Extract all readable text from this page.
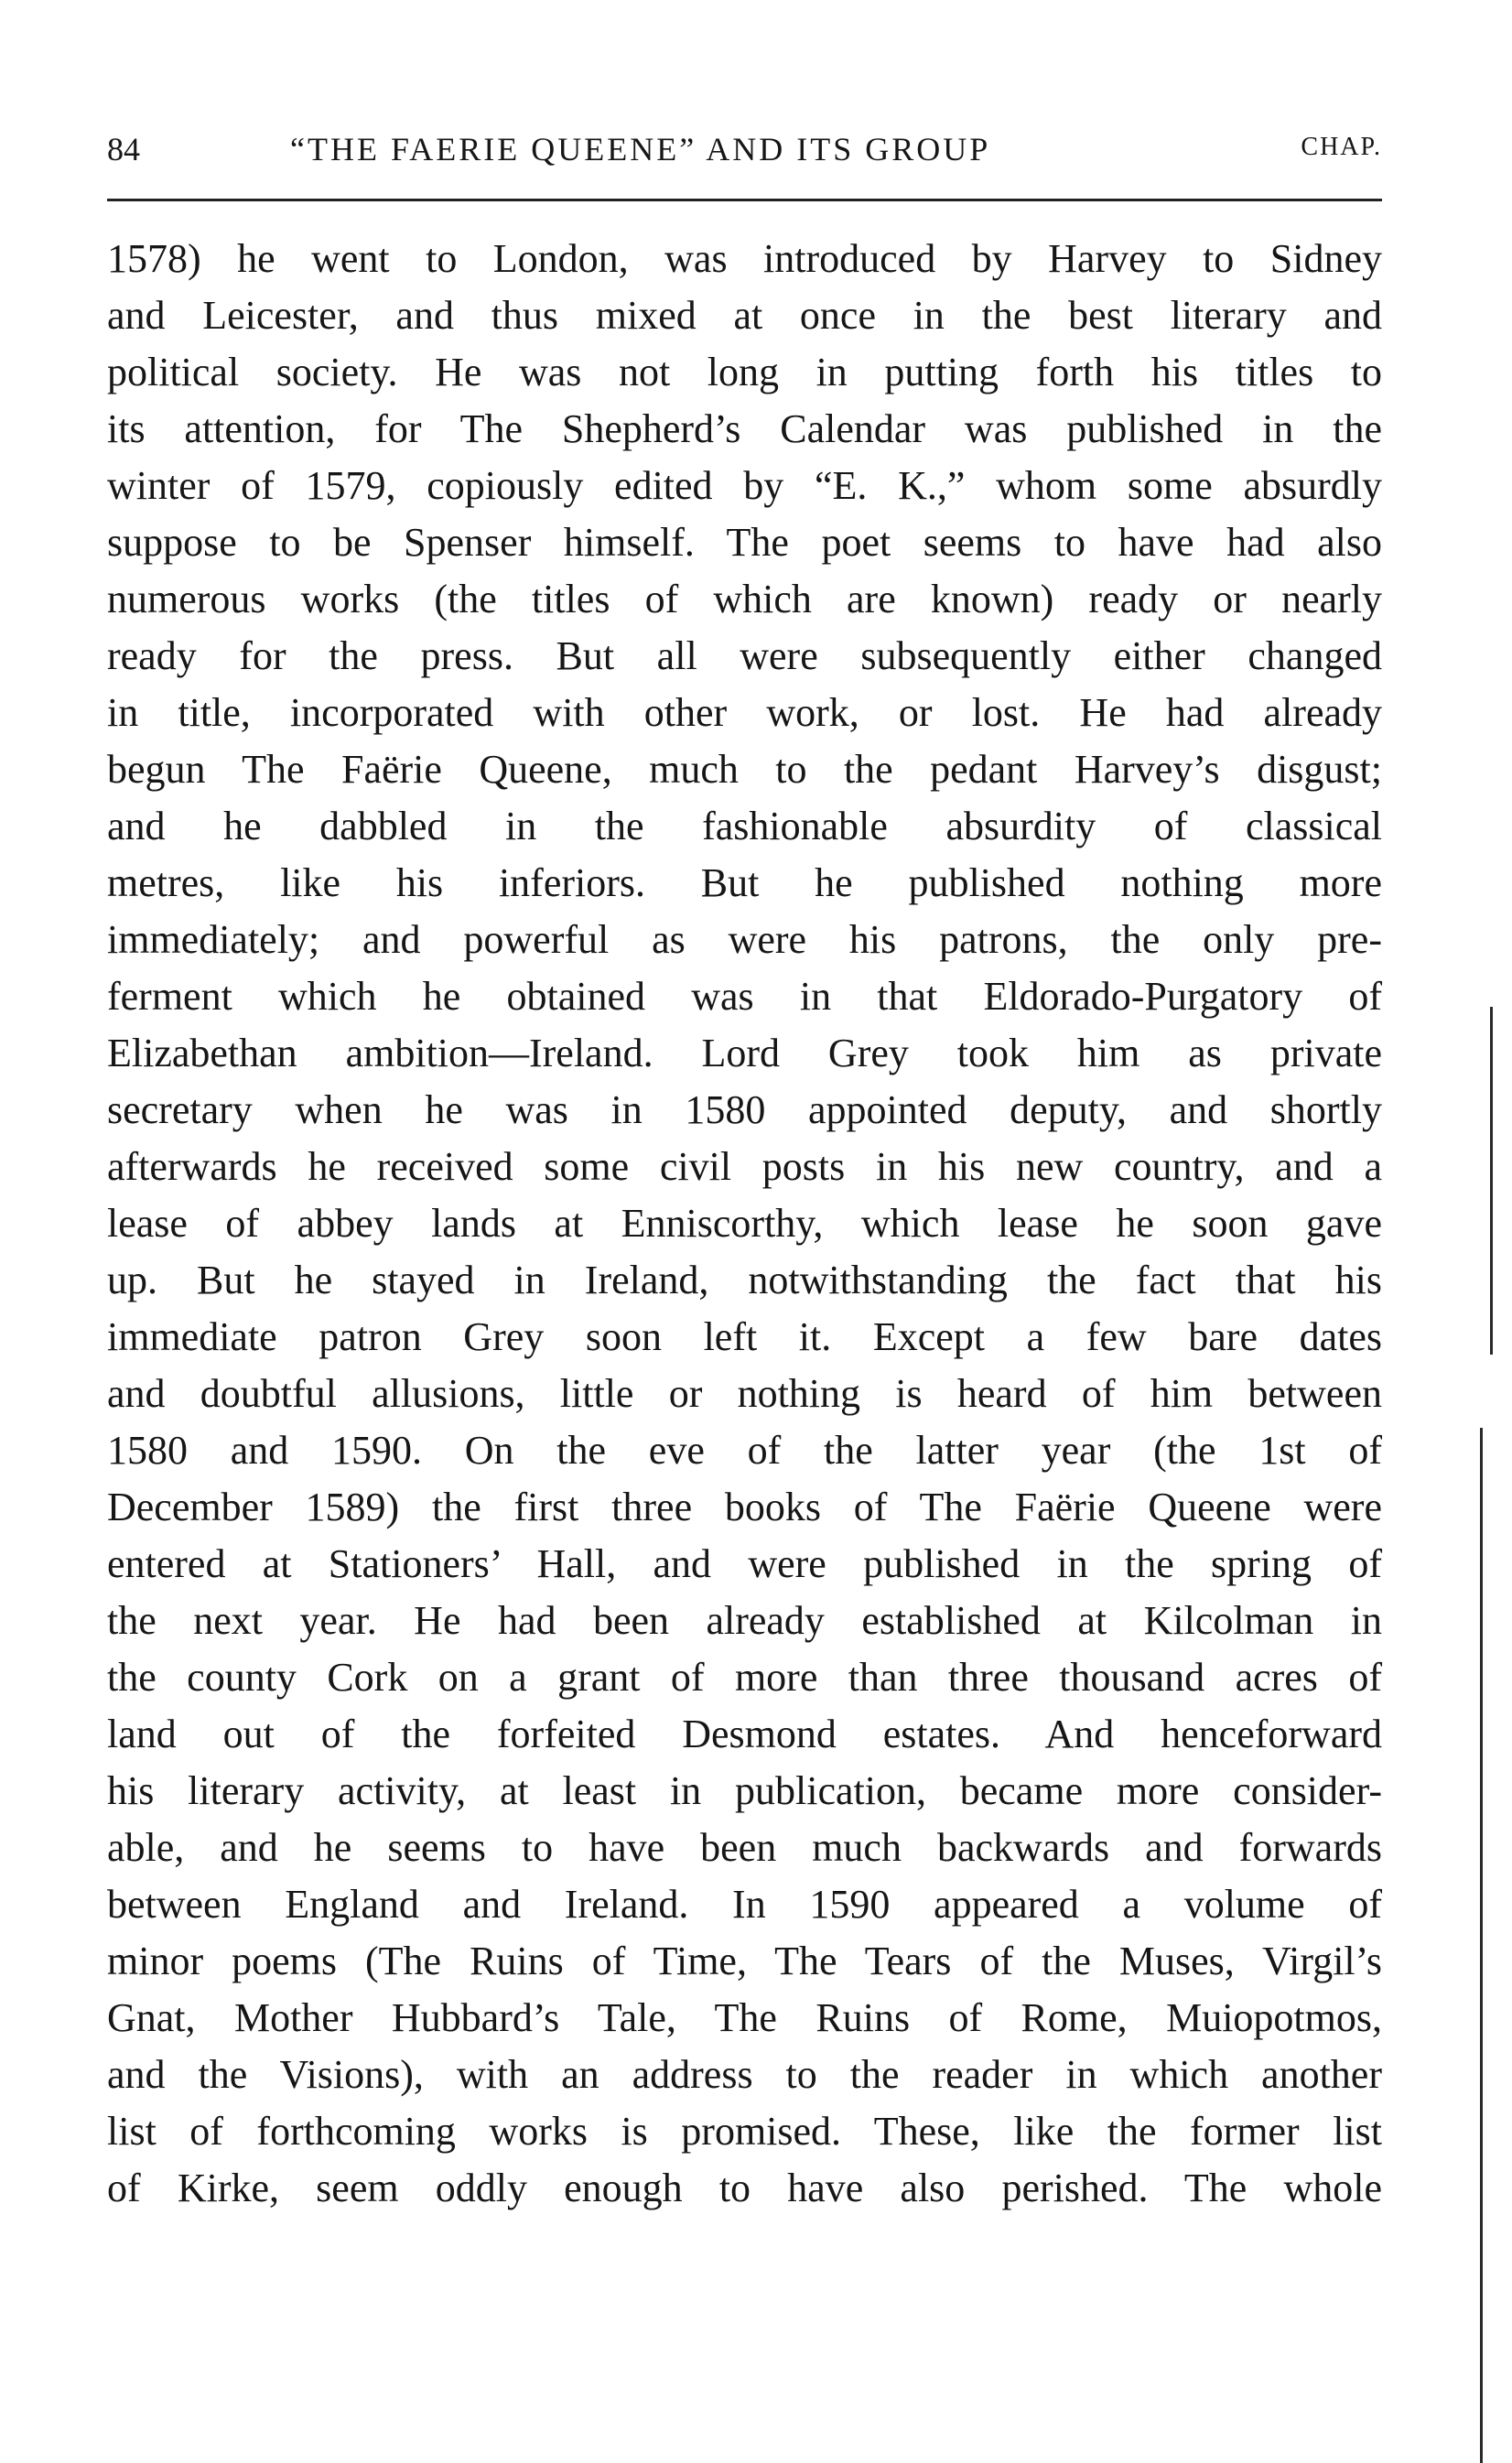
84	“THE FAERIE QUEENE” AND ITS GROUP	CHAP.
1578) he went to London, was introduced by Harvey to Sidney
and Leicester, and thus mixed at once in the best literary and
political society. He was not long in putting forth his titles to
its attention, for The Shepherd’s Calendar was published in the
winter of 1579, copiously edited by “E. K.,” whom some absurdly
suppose to be Spenser himself. The poet seems to have had also
numerous works (the titles of which are known) ready or nearly
ready for the press. But all were subsequently either changed
in title, incorporated with other work, or lost. He had already
begun The Faërie Queene, much to the pedant Harvey’s disgust;
and he dabbled in the fashionable absurdity of classical
metres, like his inferiors. But he published nothing more
immediately; and powerful as were his patrons, the only pre-
ferment which he obtained was in that Eldorado-Purgatory of
Elizabethan ambition—Ireland. Lord Grey took him as private
secretary when he was in 1580 appointed deputy, and shortly
afterwards he received some civil posts in his new country, and a
lease of abbey lands at Enniscorthy, which lease he soon gave
up. But he stayed in Ireland, notwithstanding the fact that his
immediate patron Grey soon left it. Except a few bare dates
and doubtful allusions, little or nothing is heard of him between
1580 and 1590. On the eve of the latter year (the 1st of
December 1589) the first three books of The Faërie Queene were
entered at Stationers’ Hall, and were published in the spring of
the next year. He had been already established at Kilcolman in
the county Cork on a grant of more than three thousand acres of
land out of the forfeited Desmond estates. And henceforward
his literary activity, at least in publication, became more consider-
able, and he seems to have been much backwards and forwards
between England and Ireland. In 1590 appeared a volume of
minor poems (The Ruins of Time, The Tears of the Muses, Virgil’s
Gnat, Mother Hubbard’s Tale, The Ruins of Rome, Muiopotmos,
and the Visions), with an address to the reader in which another
list of forthcoming works is promised. These, like the former list
of Kirke, seem oddly enough to have also perished. The whole
